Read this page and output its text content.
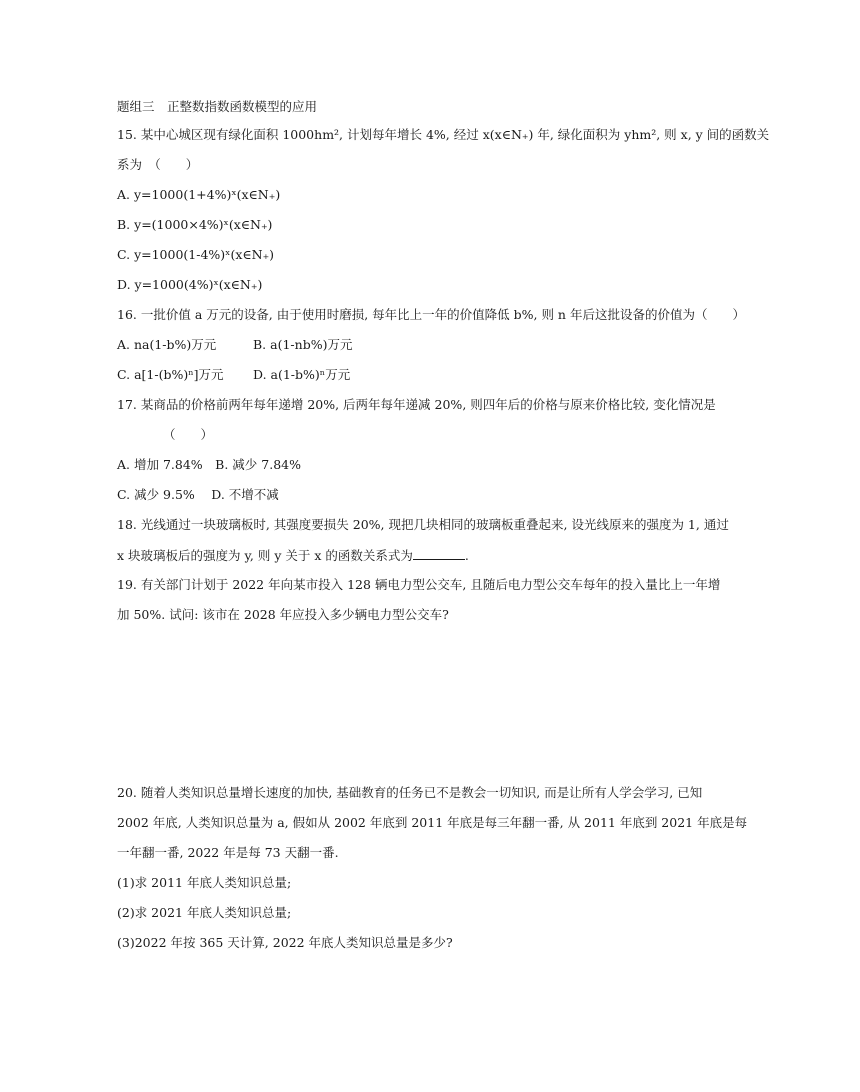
题组三　正整数指数函数模型的应用
15. 某中心城区现有绿化面积 1000hm², 计划每年增长 4%, 经过 x(x∈N₊) 年, 绿化面积为 yhm², 则 x, y 间的函数关
系为　（　　）
A. y=1000(1+4%)ˣ(x∈N₊)
B. y=(1000×4%)ˣ(x∈N₊)
C. y=1000(1-4%)ˣ(x∈N₊)
D. y=1000(4%)ˣ(x∈N₊)
16. 一批价值 a 万元的设备, 由于使用时磨损, 每年比上一年的价值降低 b%, 则 n 年后这批设备的价值为（　　）
A. na(1-b%)万元	B. a(1-nb%)万元
C. a[1-(b%)ⁿ]万元 D. a(1-b%)ⁿ万元
17. 某商品的价格前两年每年递增 20%, 后两年每年递减 20%, 则四年后的价格与原来价格比较, 变化情况是
（　　）
A. 增加 7.84%　B. 减少 7.84%
C. 减少 9.5%　 D. 不增不减
18. 光线通过一块玻璃板时, 其强度要损失 20%, 现把几块相同的玻璃板重叠起来, 设光线原来的强度为 1, 通过
x 块玻璃板后的强度为 y, 则 y 关于 x 的函数关系式为	.
19. 有关部门计划于 2022 年向某市投入 128 辆电力型公交车, 且随后电力型公交车每年的投入量比上一年增
加 50%. 试问: 该市在 2028 年应投入多少辆电力型公交车?
20. 随着人类知识总量增长速度的加快, 基础教育的任务已不是教会一切知识, 而是让所有人学会学习, 已知
2002 年底, 人类知识总量为 a, 假如从 2002 年底到 2011 年底是每三年翻一番, 从 2011 年底到 2021 年底是每
一年翻一番, 2022 年是每 73 天翻一番.
(1)求 2011 年底人类知识总量;
(2)求 2021 年底人类知识总量;
(3)2022 年按 365 天计算, 2022 年底人类知识总量是多少?
